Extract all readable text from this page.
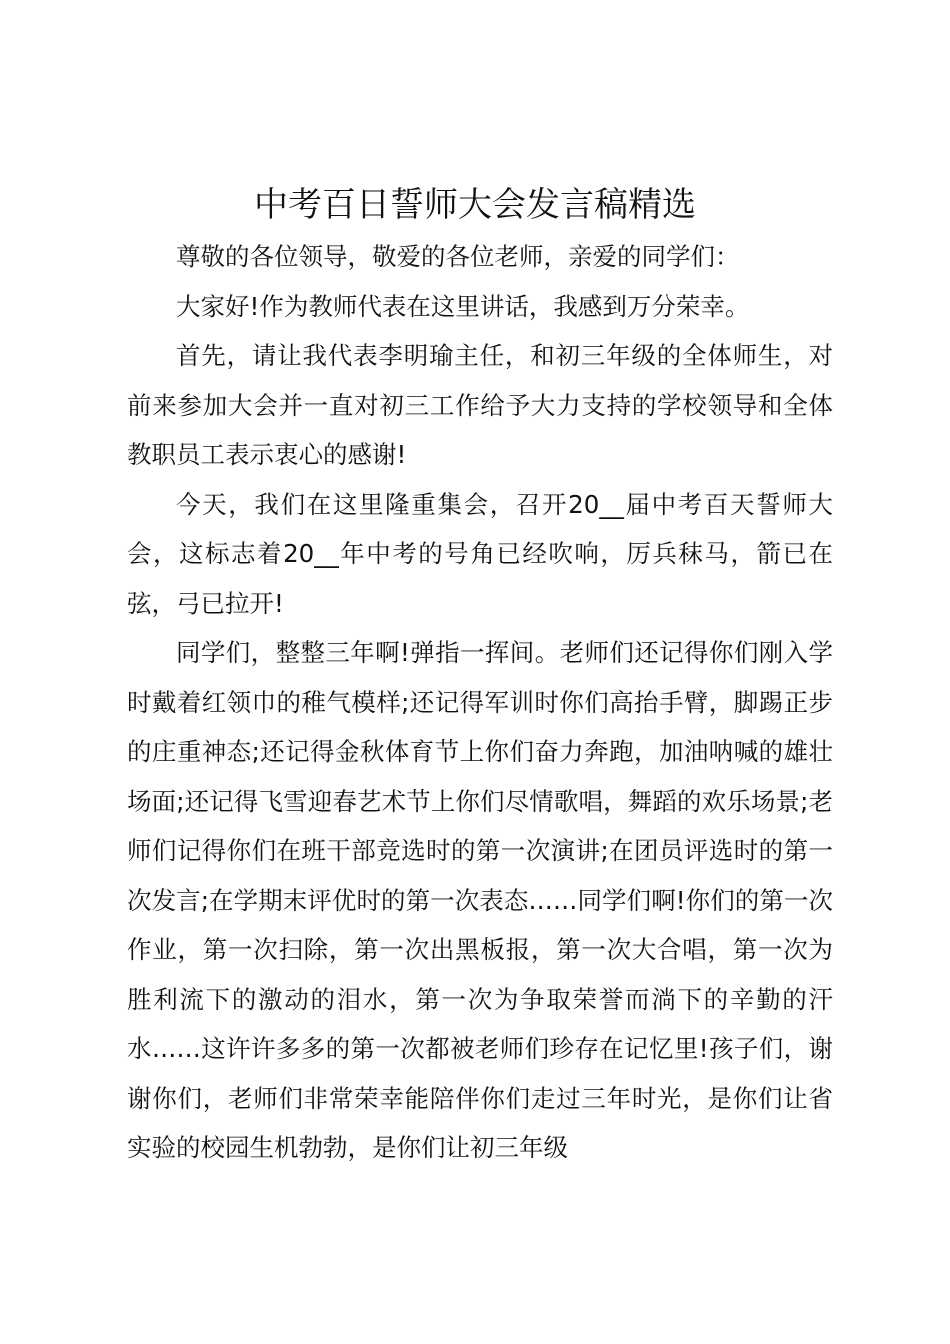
中考百日誓师大会发言稿精选

尊敬的各位领导，敬爱的各位老师，亲爱的同学们：

大家好!作为教师代表在这里讲话，我感到万分荣幸。

首先，请让我代表李明瑜主任，和初三年级的全体师生，对前来参加大会并一直对初三工作给予大力支持的学校领导和全体教职员工表示衷心的感谢!

今天，我们在这里隆重集会，召开20__届中考百天誓师大会，这标志着20__年中考的号角已经吹响，厉兵秣马，箭已在弦，弓已拉开!

同学们，整整三年啊!弹指一挥间。老师们还记得你们刚入学时戴着红领巾的稚气模样;还记得军训时你们高抬手臂，脚踢正步的庄重神态;还记得金秋体育节上你们奋力奔跑，加油呐喊的雄壮场面;还记得飞雪迎春艺术节上你们尽情歌唱，舞蹈的欢乐场景;老师们记得你们在班干部竞选时的第一次演讲;在团员评选时的第一次发言;在学期末评优时的第一次表态……同学们啊!你们的第一次作业，第一次扫除，第一次出黑板报，第一次大合唱，第一次为胜利流下的激动的泪水，第一次为争取荣誉而淌下的辛勤的汗水……这许许多多的第一次都被老师们珍存在记忆里!孩子们，谢谢你们，老师们非常荣幸能陪伴你们走过三年时光，是你们让省实验的校园生机勃勃，是你们让初三年级
